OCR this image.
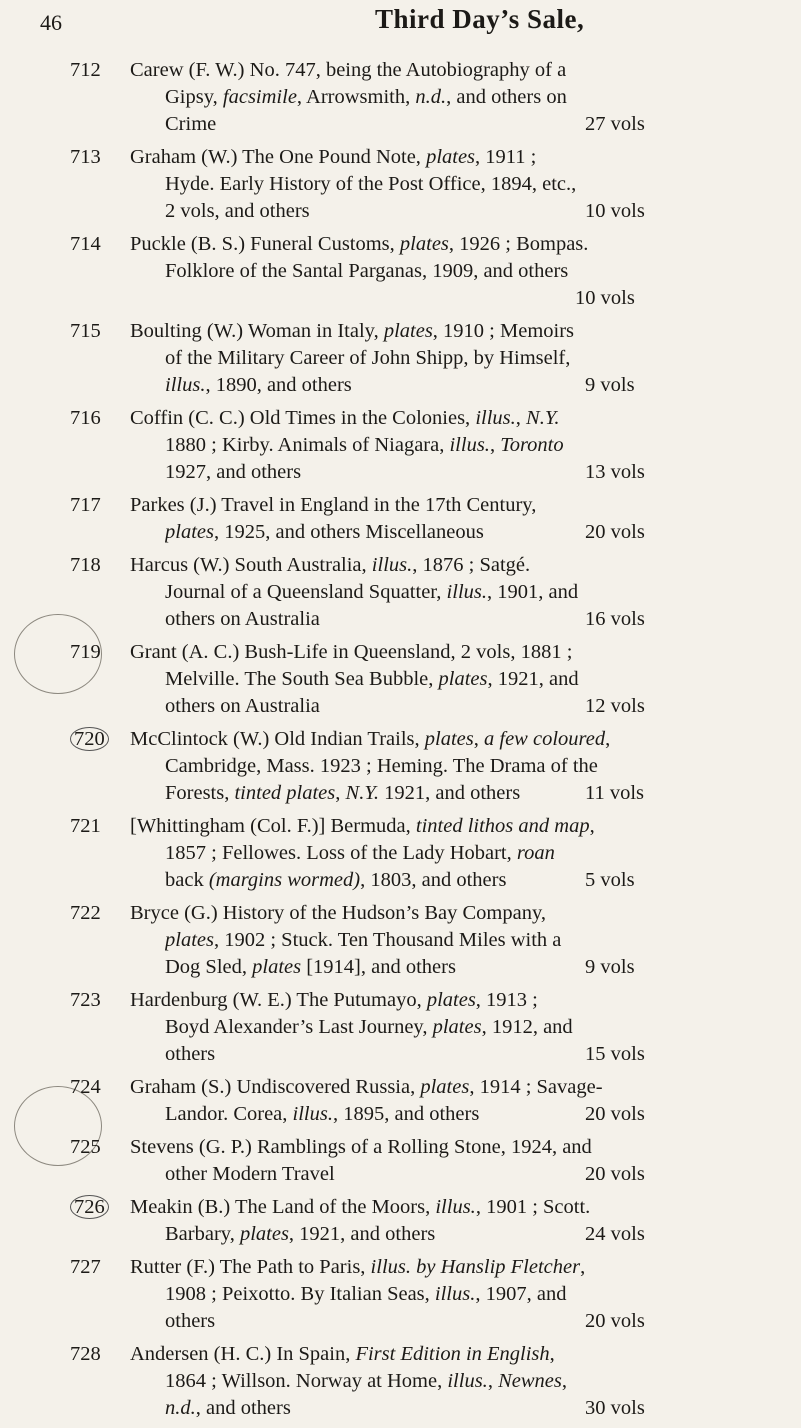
46	Third Day’s Sale,
712	Carew (F. W.) No. 747, being the Autobiography of a
Gipsy, facsimile, Arrowsmith, n.d., and others on
Crime	27 vols
713	Graham (W.) The One Pound Note, plates, 1911 ;
Hyde. Early History of the Post Office, 1894, etc.,
2 vols, and others	10 vols
714	Puckle (B. S.) Funeral Customs, plates, 1926 ; Bompas.
Folklore of the Santal Parganas, 1909, and others
10 vols
715	Boulting (W.) Woman in Italy, plates, 1910 ; Memoirs
of the Military Career of John Shipp, by Himself,
illus., 1890, and others	9 vols
716	Coffin (C. C.) Old Times in the Colonies, illus., N.Y.
1880 ; Kirby. Animals of Niagara, illus., Toronto
1927, and others	13 vols
717	Parkes (J.) Travel in England in the 17th Century,
plates, 1925, and others Miscellaneous	20 vols
718	Harcus (W.) South Australia, illus., 1876 ; Satgé.
Journal of a Queensland Squatter, illus., 1901, and
others on Australia	16 vols
719	Grant (A. C.) Bush-Life in Queensland, 2 vols, 1881 ;
Melville. The South Sea Bubble, plates, 1921, and
others on Australia	12 vols
720	McClintock (W.) Old Indian Trails, plates, a few coloured,
Cambridge, Mass. 1923 ; Heming. The Drama of the
Forests, tinted plates, N.Y. 1921, and others	11 vols
721	[Whittingham (Col. F.)] Bermuda, tinted lithos and map,
1857 ; Fellowes. Loss of the Lady Hobart, roan
back (margins wormed), 1803, and others	5 vols
722	Bryce (G.) History of the Hudson’s Bay Company,
plates, 1902 ; Stuck. Ten Thousand Miles with a
Dog Sled, plates [1914], and others	9 vols
723	Hardenburg (W. E.) The Putumayo, plates, 1913 ;
Boyd Alexander’s Last Journey, plates, 1912, and
others	15 vols
724	Graham (S.) Undiscovered Russia, plates, 1914 ; Savage-
Landor. Corea, illus., 1895, and others	20 vols
725	Stevens (G. P.) Ramblings of a Rolling Stone, 1924, and
other Modern Travel	20 vols
726	Meakin (B.) The Land of the Moors, illus., 1901 ; Scott.
Barbary, plates, 1921, and others	24 vols
727	Rutter (F.) The Path to Paris, illus. by Hanslip Fletcher,
1908 ; Peixotto. By Italian Seas, illus., 1907, and
others	20 vols
728	Andersen (H. C.) In Spain, First Edition in English,
1864 ; Willson. Norway at Home, illus., Newnes,
n.d., and others	30 vols
